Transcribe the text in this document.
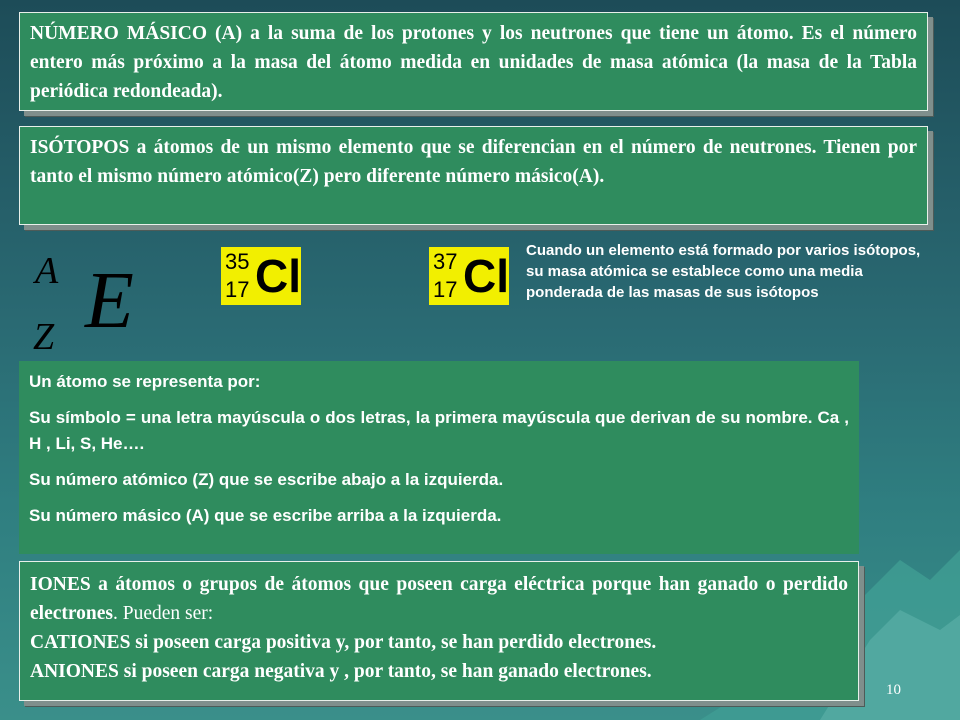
NÚMERO MÁSICO (A) a la suma de los protones y los neutrones que tiene un átomo. Es el número entero más próximo a la masa del átomo medida en unidades de masa atómica (la masa de la Tabla periódica redondeada).
ISÓTOPOS a átomos de un mismo elemento que se diferencian en el número de neutrones. Tienen por tanto el mismo número atómico(Z) pero diferente número másico(A).
A
Z E	35
17 Cl	37
17 Cl Cuando un elemento está formado por varios isótopos, su masa atómica se establece como una media ponderada de las masas de sus isótopos

Un átomo se representa por:

Su símbolo = una letra mayúscula o dos letras, la primera mayúscula que derivan de su nombre. Ca , H , Li, S, He….

Su número atómico (Z) que se escribe abajo a la izquierda.

Su número másico (A) que se escribe arriba a la izquierda.

IONES a átomos o grupos de átomos que poseen carga eléctrica porque han ganado o perdido electrones. Pueden ser:
CATIONES si poseen carga positiva y, por tanto, se han perdido electrones.
ANIONES si poseen carga negativa y , por tanto, se han ganado electrones.
10
